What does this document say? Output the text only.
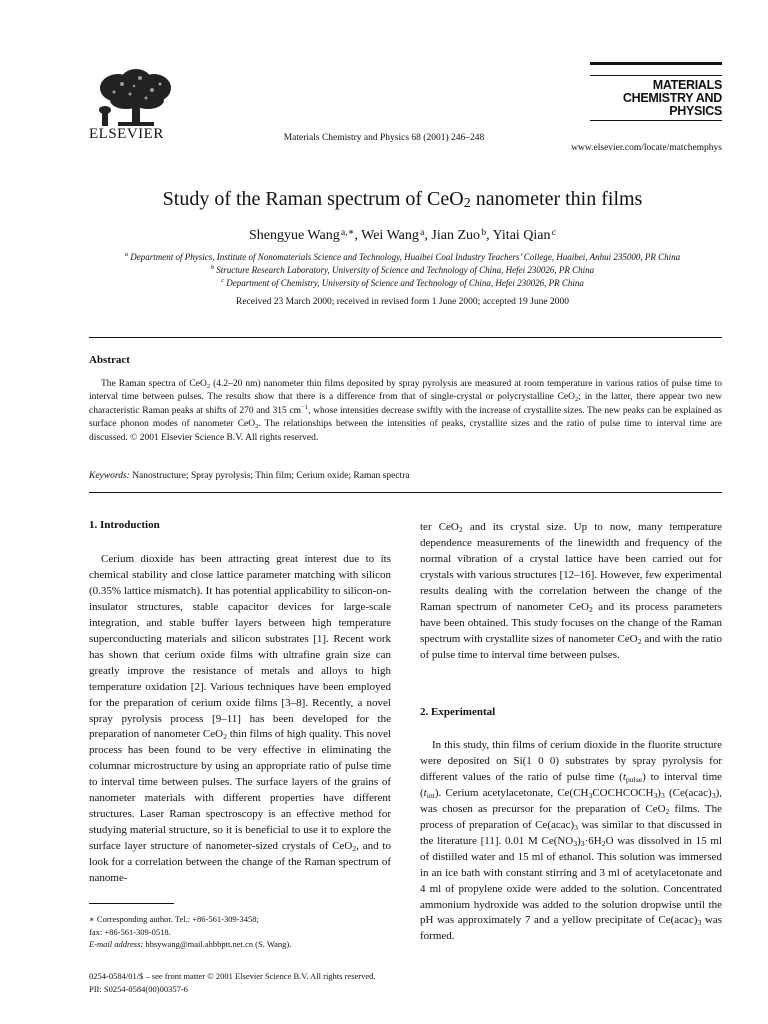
ELSEVIER	Materials Chemistry and Physics 68 (2001) 246–248
MATERIALS
CHEMISTRY AND
PHYSICS
www.elsevier.com/locate/matchemphys
Study of the Raman spectrum of CeO$_2$ nanometer thin films
Shengyue Wang $^{a,∗}$, Wei Wang $^a$, Jian Zuo $^b$, Yitai Qian $^c$
$^a$ Department of Physics, Institute of Nonomaterials Science and Technology, Huaibei Coal Industry Teachers’ College, Huaibei, Anhui 235000, PR China
$^b$ Structure Research Laboratory, University of Science and Technology of China, Hefei 230026, PR China
$^c$ Department of Chemistry, University of Science and Technology of China, Hefei 230026, PR China
Received 23 March 2000; received in revised form 1 June 2000; accepted 19 June 2000
Abstract
The Raman spectra of CeO$_2$ (4.2–20 nm) nanometer thin films deposited by spray pyrolysis are measured at room temperature in various ratios of pulse time to interval time between pulses. The results show that there is a difference from that of single-crystal or polycrystalline CeO$_2$; in the latter, there appear two new characteristic Raman peaks at shifts of 270 and 315 $cm^{-1}$, whose intensities decrease swiftly with the increase of crystallite sizes. The new peaks can be explained as surface phonon modes of nanometer CeO$_2$. The relationships between the intensities of peaks, crystallite sizes and the ratio of pulse time to interval time are discussed. © 2001 Elsevier Science B.V. All rights reserved.
Keywords: Nanostructure; Spray pyrolysis; Thin film; Cerium oxide; Raman spectra
1. Introduction

Cerium dioxide has been attracting great interest due to its chemical stability and close lattice parameter matching with silicon (0.35% lattice mismatch). It has potential applicability to silicon-on-insulator structures, stable capacitor devices for large-scale integration, and stable buffer layers between high temperature superconducting materials and silicon substrates [1]. Recent work has shown that cerium oxide films with ultrafine grain size can greatly improve the resistance of metals and alloys to high temperature oxidation [2]. Various techniques have been employed for the preparation of cerium oxide films [3–8]. Recently, a novel spray pyrolysis process [9–11] has been developed for the preparation of nanometer CeO$_2$ thin films of high quality. This novel process has been found to be very effective in eliminating the columnar microstructure by using an appropriate ratio of pulse time to interval time between pulses. The surface layers of the grains of nanometer materials with different properties have different structures. Laser Raman spectroscopy is an effective method for studying material structure, so it is beneficial to use it to explore the surface layer structure of nanometer-sized crystals of CeO$_2$, and to look for a correlation between the change of the Raman spectrum of nanome-

ter CeO$_2$ and its crystal size. Up to now, many temperature dependence measurements of the linewidth and frequency of the normal vibration of a crystal lattice have been carried out for crystals with various structures [12–16]. However, few experimental results dealing with the correlation between the change of the Raman spectrum of nanometer CeO$_2$ and its process parameters have been obtained. This study focuses on the change of the Raman spectrum with crystallite sizes of nanometer CeO$_2$ and with the ratio of pulse time to interval time between pulses.

2. Experimental

In this study, thin films of cerium dioxide in the fluorite structure were deposited on Si(1 0 0) substrates by spray pyrolysis for different values of the ratio of pulse time $(t_{pulse})$ to interval time $(t_{int})$. Cerium acetylacetonate, $Ce(CH_3COCHCOCH_3)_3$ $(Ce(acac)_3)$, was chosen as precursor for the preparation of CeO$_2$ films. The process of preparation of $Ce(acac)_3$ was similar to that discussed in the literature [11]. 0.01 M $Ce(NO_3)_3\cdot 6H_2O$ was dissolved in 15 ml of distilled water and 15 ml of ethanol. This solution was immersed in an ice bath with constant stirring and 3 ml of acetylacetonate and 4 ml of propylene oxide were added to the solution. Concentrated ammonium hydroxide was added to the solution dropwise until the pH was approximately 7 and a yellow precipitate of $Ce(acac)_3$ was formed.

∗ Corresponding author. Tel.: +86-561-309-3458;
fax: +86-561-309-0518.
E-mail address: hbsywang@mail.ahbbptt.net.cn (S. Wang).
0254-0584/01/$ – see front matter © 2001 Elsevier Science B.V. All rights reserved.
PII: S0254-0584(00)00357-6
